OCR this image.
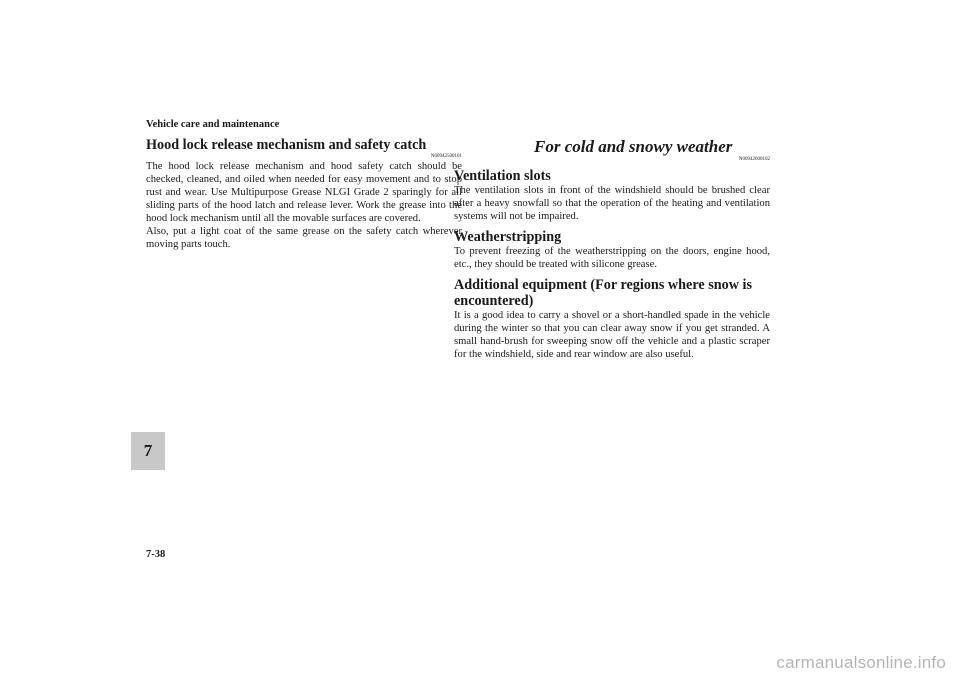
Vehicle care and maintenance
Hood lock release mechanism and safety catch
N00942500101

The hood lock release mechanism and hood safety catch should be checked, cleaned, and oiled when needed for easy movement and to stop rust and wear. Use Multipurpose Grease NLGI Grade 2 sparingly for all sliding parts of the hood latch and release lever. Work the grease into the hood lock mechanism until all the movable surfaces are covered.

Also, put a light coat of the same grease on the safety catch wherever moving parts touch.

For cold and snowy weather
N00942600102
Ventilation slots

The ventilation slots in front of the windshield should be brushed clear after a heavy snowfall so that the operation of the heating and ventilation systems will not be impaired.

Weatherstripping

To prevent freezing of the weatherstripping on the doors, engine hood, etc., they should be treated with silicone grease.

Additional equipment (For regions where snow is encountered)

It is a good idea to carry a shovel or a short-handled spade in the vehicle during the winter so that you can clear away snow if you get stranded. A small hand-brush for sweeping snow off the vehicle and a plastic scraper for the windshield, side and rear window are also useful.

7
7-38
carmanualsonline.info
